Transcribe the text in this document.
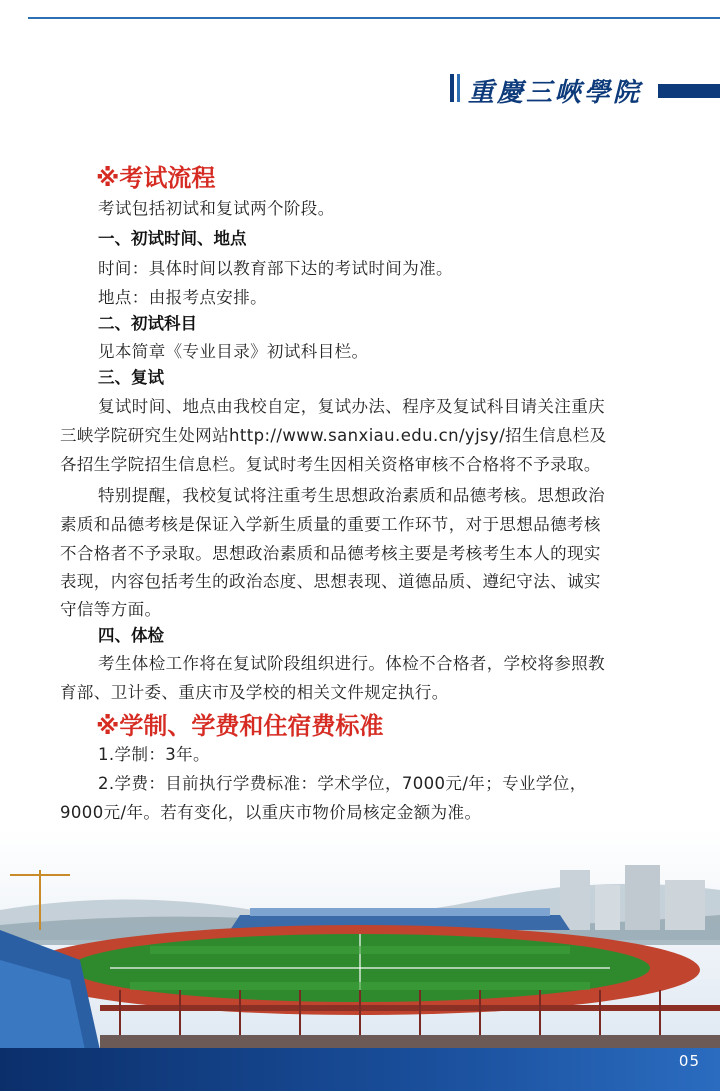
重慶三峽學院
※考试流程
考试包括初试和复试两个阶段。
一、初试时间、地点
时间：具体时间以教育部下达的考试时间为准。
地点：由报考点安排。
二、初试科目
见本简章《专业目录》初试科目栏。
三、复试
复试时间、地点由我校自定，复试办法、程序及复试科目请关注重庆
三峡学院研究生处网站http://www.sanxiau.edu.cn/yjsy/招生信息栏及
各招生学院招生信息栏。复试时考生因相关资格审核不合格将不予录取。
特别提醒，我校复试将注重考生思想政治素质和品德考核。思想政治
素质和品德考核是保证入学新生质量的重要工作环节，对于思想品德考核
不合格者不予录取。思想政治素质和品德考核主要是考核考生本人的现实
表现，内容包括考生的政治态度、思想表现、道德品质、遵纪守法、诚实
守信等方面。
四、体检
考生体检工作将在复试阶段组织进行。体检不合格者，学校将参照教
育部、卫计委、重庆市及学校的相关文件规定执行。
※学制、学费和住宿费标准
1.学制：3年。
2.学费：目前执行学费标准：学术学位，7000元/年；专业学位，
9000元/年。若有变化，以重庆市物价局核定金额为准。
05
